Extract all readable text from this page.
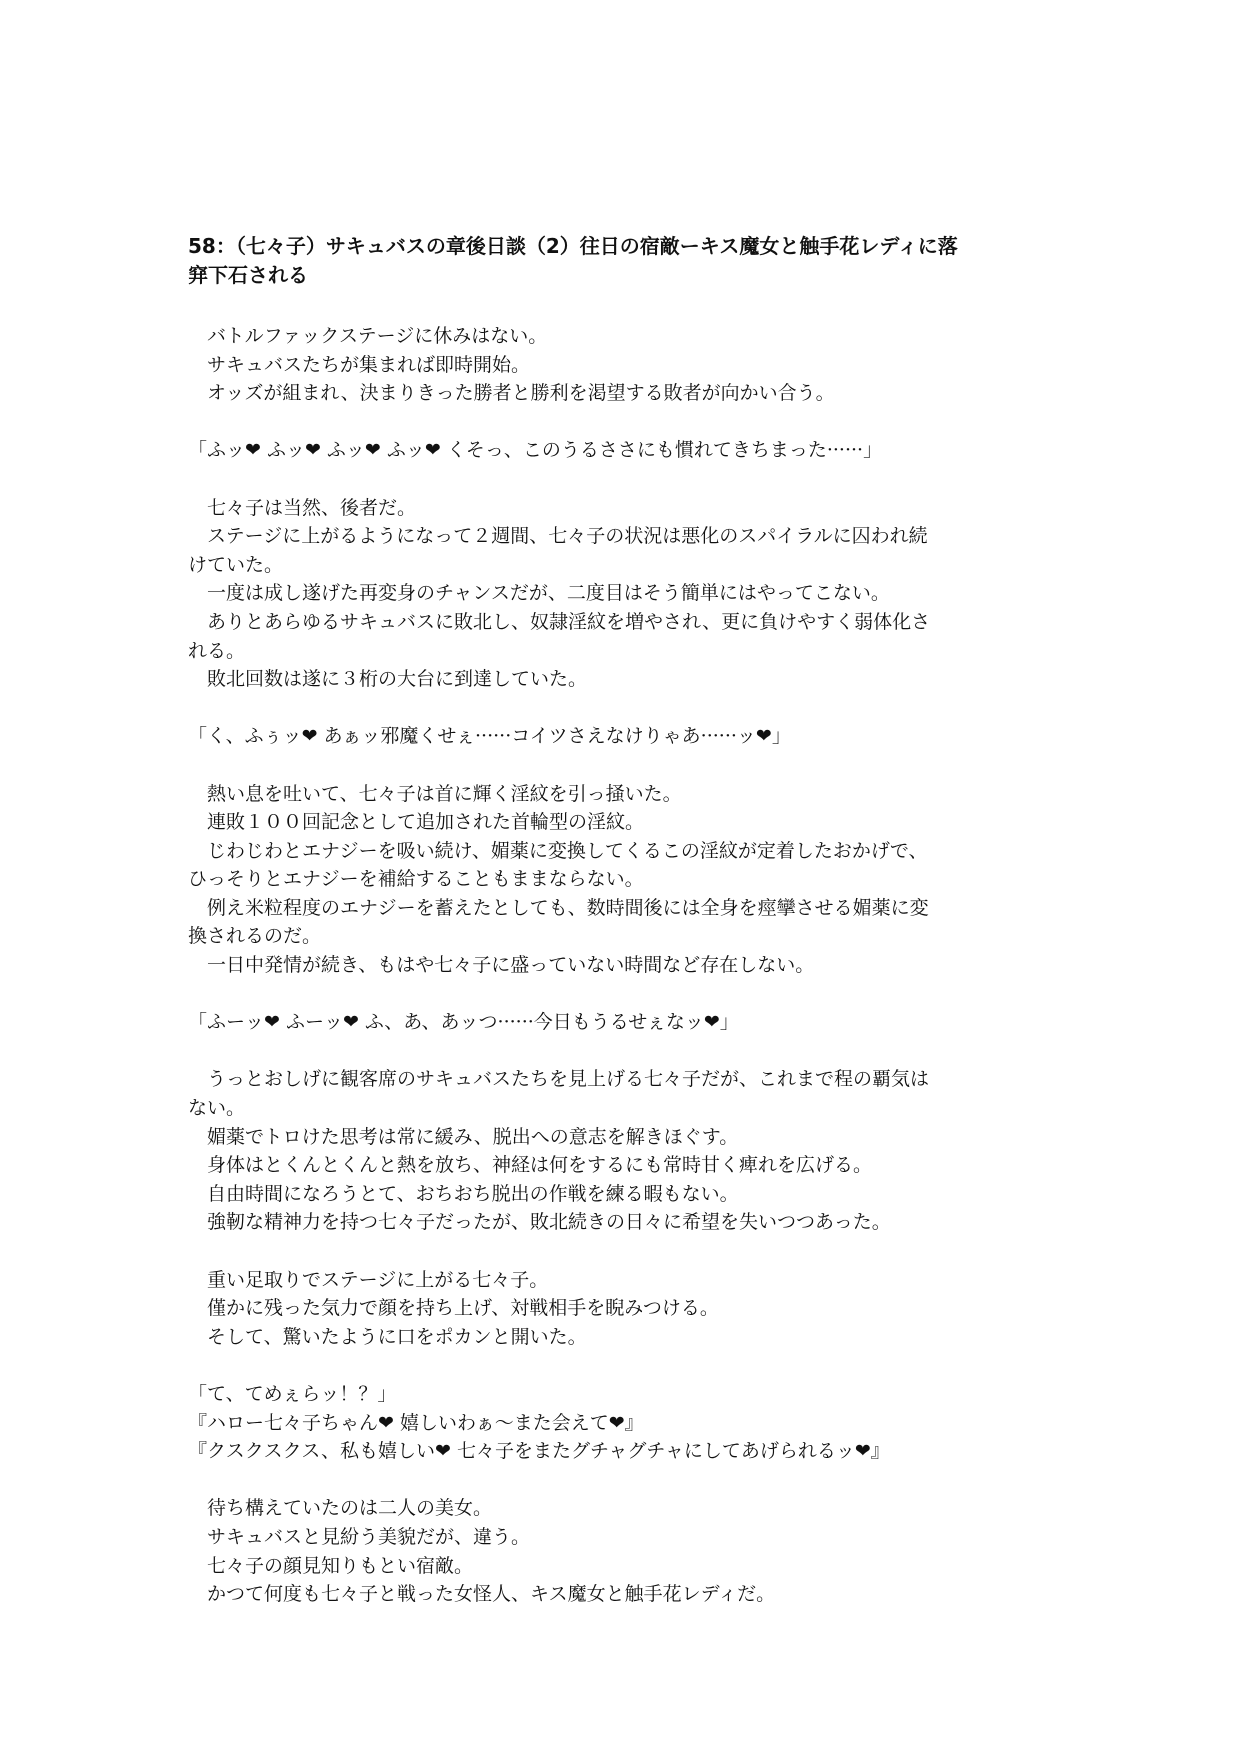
58：（七々子）サキュバスの章後日談（2）往日の宿敵ーキス魔女と触手花レディに落
穽下石される

　バトルファックステージに休みはない。

　サキュバスたちが集まれば即時開始。

　オッズが組まれ、決まりきった勝者と勝利を渇望する敗者が向かい合う。

「ふッ❤ ふッ❤ ふッ❤ ふッ❤ くそっ、このうるささにも慣れてきちまった······」

　七々子は当然、後者だ。

　ステージに上がるようになって２週間、七々子の状況は悪化のスパイラルに囚われ続

けていた。

　一度は成し遂げた再変身のチャンスだが、二度目はそう簡単にはやってこない。

　ありとあらゆるサキュバスに敗北し、奴隷淫紋を増やされ、更に負けやすく弱体化さ

れる。

　敗北回数は遂に３桁の大台に到達していた。

「く、ふぅッ❤ あぁッ邪魔くせぇ······コイツさえなけりゃあ······ッ❤」

　熱い息を吐いて、七々子は首に輝く淫紋を引っ掻いた。

　連敗１００回記念として追加された首輪型の淫紋。

　じわじわとエナジーを吸い続け、媚薬に変換してくるこの淫紋が定着したおかげで、

ひっそりとエナジーを補給することもままならない。

　例え米粒程度のエナジーを蓄えたとしても、数時間後には全身を痙攣させる媚薬に変

換されるのだ。

　一日中発情が続き、もはや七々子に盛っていない時間など存在しない。

「ふーッ❤ ふーッ❤ ふ、あ、あッつ······今日もうるせぇなッ❤」

　うっとおしげに観客席のサキュバスたちを見上げる七々子だが、これまで程の覇気は

ない。

　媚薬でトロけた思考は常に緩み、脱出への意志を解きほぐす。

　身体はとくんとくんと熱を放ち、神経は何をするにも常時甘く痺れを広げる。

　自由時間になろうとて、おちおち脱出の作戦を練る暇もない。

　強靭な精神力を持つ七々子だったが、敗北続きの日々に希望を失いつつあった。

　重い足取りでステージに上がる七々子。

　僅かに残った気力で顔を持ち上げ、対戦相手を睨みつける。

　そして、驚いたように口をポカンと開いた。

「て、てめぇらッ！？」

『ハロー七々子ちゃん❤ 嬉しいわぁ～また会えて❤』

『クスクスクス、私も嬉しい❤ 七々子をまたグチャグチャにしてあげられるッ❤』

　待ち構えていたのは二人の美女。

　サキュバスと見紛う美貌だが、違う。

　七々子の顔見知りもとい宿敵。

　かつて何度も七々子と戦った女怪人、キス魔女と触手花レディだ。
